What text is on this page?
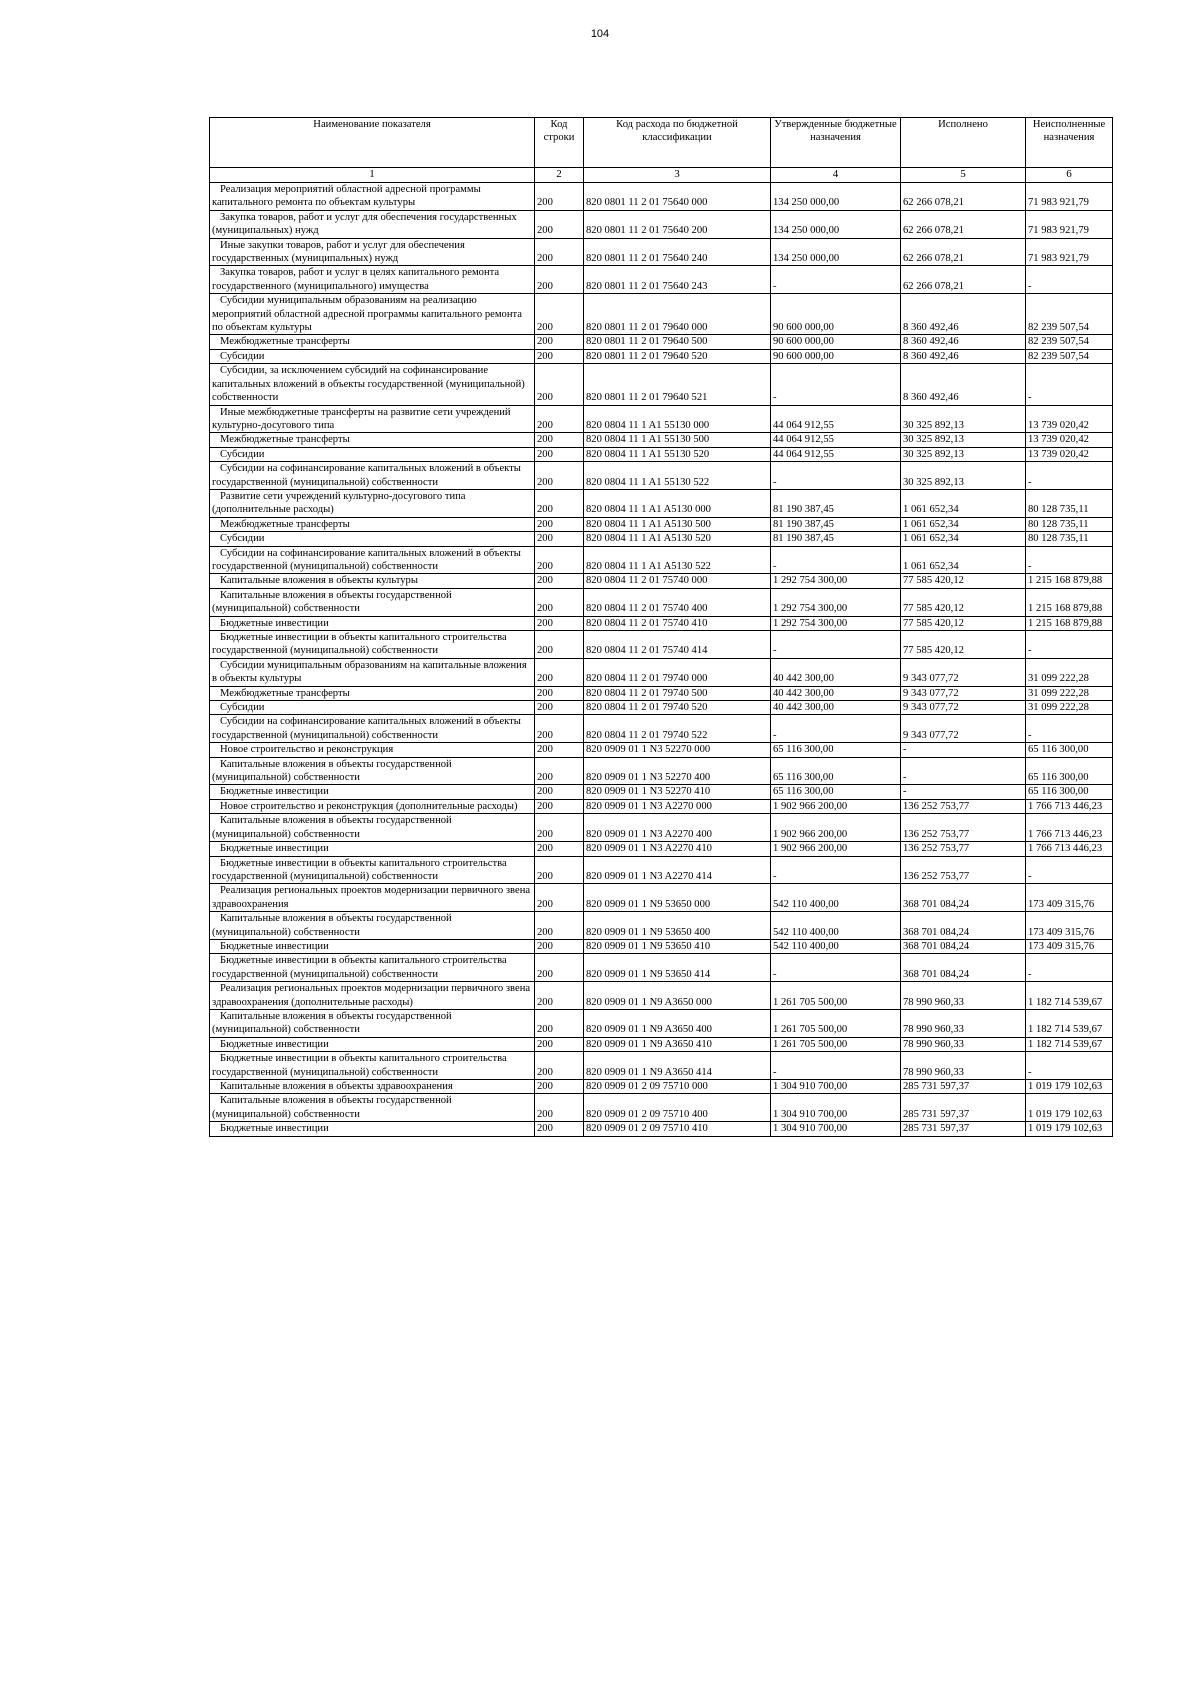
104
Наименование показателя	Код строки	Код расхода по бюджетной классификации	Утвержденные бюджетные назначения	Исполнено	Неисполненные назначения
1	2	3	4	5	6
Реализация мероприятий областной адресной программы капитального ремонта по объектам культуры	200	820 0801 11 2 01 75640 000	134 250 000,00	62 266 078,21	71 983 921,79
Закупка товаров, работ и услуг для обеспечения государственных (муниципальных) нужд	200	820 0801 11 2 01 75640 200	134 250 000,00	62 266 078,21	71 983 921,79
Иные закупки товаров, работ и услуг для обеспечения государственных (муниципальных) нужд	200	820 0801 11 2 01 75640 240	134 250 000,00	62 266 078,21	71 983 921,79
Закупка товаров, работ и услуг в целях капитального ремонта государственного (муниципального) имущества	200	820 0801 11 2 01 75640 243	-	62 266 078,21	-
Субсидии муниципальным образованиям на реализацию мероприятий областной адресной программы капитального ремонта по объектам культуры	200	820 0801 11 2 01 79640 000	90 600 000,00	8 360 492,46	82 239 507,54
Межбюджетные трансферты	200	820 0801 11 2 01 79640 500	90 600 000,00	8 360 492,46	82 239 507,54
Субсидии	200	820 0801 11 2 01 79640 520	90 600 000,00	8 360 492,46	82 239 507,54
Субсидии, за исключением субсидий на софинансирование капитальных вложений в объекты государственной (муниципальной) собственности	200	820 0801 11 2 01 79640 521	-	8 360 492,46	-
Иные межбюджетные трансферты на развитие сети учреждений культурно-досугового типа	200	820 0804 11 1 A1 55130 000	44 064 912,55	30 325 892,13	13 739 020,42
Межбюджетные трансферты	200	820 0804 11 1 A1 55130 500	44 064 912,55	30 325 892,13	13 739 020,42
Субсидии	200	820 0804 11 1 A1 55130 520	44 064 912,55	30 325 892,13	13 739 020,42
Субсидии на софинансирование капитальных вложений в объекты государственной (муниципальной) собственности	200	820 0804 11 1 A1 55130 522	-	30 325 892,13	-
Развитие сети учреждений культурно-досугового типа (дополнительные расходы)	200	820 0804 11 1 A1 A5130 000	81 190 387,45	1 061 652,34	80 128 735,11
Межбюджетные трансферты	200	820 0804 11 1 A1 A5130 500	81 190 387,45	1 061 652,34	80 128 735,11
Субсидии	200	820 0804 11 1 A1 A5130 520	81 190 387,45	1 061 652,34	80 128 735,11
Субсидии на софинансирование капитальных вложений в объекты государственной (муниципальной) собственности	200	820 0804 11 1 A1 A5130 522	-	1 061 652,34	-
Капитальные вложения в объекты культуры	200	820 0804 11 2 01 75740 000	1 292 754 300,00	77 585 420,12	1 215 168 879,88
Капитальные вложения в объекты государственной (муниципальной) собственности	200	820 0804 11 2 01 75740 400	1 292 754 300,00	77 585 420,12	1 215 168 879,88
Бюджетные инвестиции	200	820 0804 11 2 01 75740 410	1 292 754 300,00	77 585 420,12	1 215 168 879,88
Бюджетные инвестиции в объекты капитального строительства государственной (муниципальной) собственности	200	820 0804 11 2 01 75740 414	-	77 585 420,12	-
Субсидии муниципальным образованиям на капитальные вложения в объекты культуры	200	820 0804 11 2 01 79740 000	40 442 300,00	9 343 077,72	31 099 222,28
Межбюджетные трансферты	200	820 0804 11 2 01 79740 500	40 442 300,00	9 343 077,72	31 099 222,28
Субсидии	200	820 0804 11 2 01 79740 520	40 442 300,00	9 343 077,72	31 099 222,28
Субсидии на софинансирование капитальных вложений в объекты государственной (муниципальной) собственности	200	820 0804 11 2 01 79740 522	-	9 343 077,72	-
Новое строительство и реконструкция	200	820 0909 01 1 N3 52270 000	65 116 300,00	-	65 116 300,00
Капитальные вложения в объекты государственной (муниципальной) собственности	200	820 0909 01 1 N3 52270 400	65 116 300,00	-	65 116 300,00
Бюджетные инвестиции	200	820 0909 01 1 N3 52270 410	65 116 300,00	-	65 116 300,00
Новое строительство и реконструкция (дополнительные расходы)	200	820 0909 01 1 N3 A2270 000	1 902 966 200,00	136 252 753,77	1 766 713 446,23
Капитальные вложения в объекты государственной (муниципальной) собственности	200	820 0909 01 1 N3 A2270 400	1 902 966 200,00	136 252 753,77	1 766 713 446,23
Бюджетные инвестиции	200	820 0909 01 1 N3 A2270 410	1 902 966 200,00	136 252 753,77	1 766 713 446,23
Бюджетные инвестиции в объекты капитального строительства государственной (муниципальной) собственности	200	820 0909 01 1 N3 A2270 414	-	136 252 753,77	-
Реализация региональных проектов модернизации первичного звена здравоохранения	200	820 0909 01 1 N9 53650 000	542 110 400,00	368 701 084,24	173 409 315,76
Капитальные вложения в объекты государственной (муниципальной) собственности	200	820 0909 01 1 N9 53650 400	542 110 400,00	368 701 084,24	173 409 315,76
Бюджетные инвестиции	200	820 0909 01 1 N9 53650 410	542 110 400,00	368 701 084,24	173 409 315,76
Бюджетные инвестиции в объекты капитального строительства государственной (муниципальной) собственности	200	820 0909 01 1 N9 53650 414	-	368 701 084,24	-
Реализация региональных проектов модернизации первичного звена здравоохранения (дополнительные расходы)	200	820 0909 01 1 N9 A3650 000	1 261 705 500,00	78 990 960,33	1 182 714 539,67
Капитальные вложения в объекты государственной (муниципальной) собственности	200	820 0909 01 1 N9 A3650 400	1 261 705 500,00	78 990 960,33	1 182 714 539,67
Бюджетные инвестиции	200	820 0909 01 1 N9 A3650 410	1 261 705 500,00	78 990 960,33	1 182 714 539,67
Бюджетные инвестиции в объекты капитального строительства государственной (муниципальной) собственности	200	820 0909 01 1 N9 A3650 414	-	78 990 960,33	-
Капитальные вложения в объекты здравоохранения	200	820 0909 01 2 09 75710 000	1 304 910 700,00	285 731 597,37	1 019 179 102,63
Капитальные вложения в объекты государственной (муниципальной) собственности	200	820 0909 01 2 09 75710 400	1 304 910 700,00	285 731 597,37	1 019 179 102,63
Бюджетные инвестиции	200	820 0909 01 2 09 75710 410	1 304 910 700,00	285 731 597,37	1 019 179 102,63
